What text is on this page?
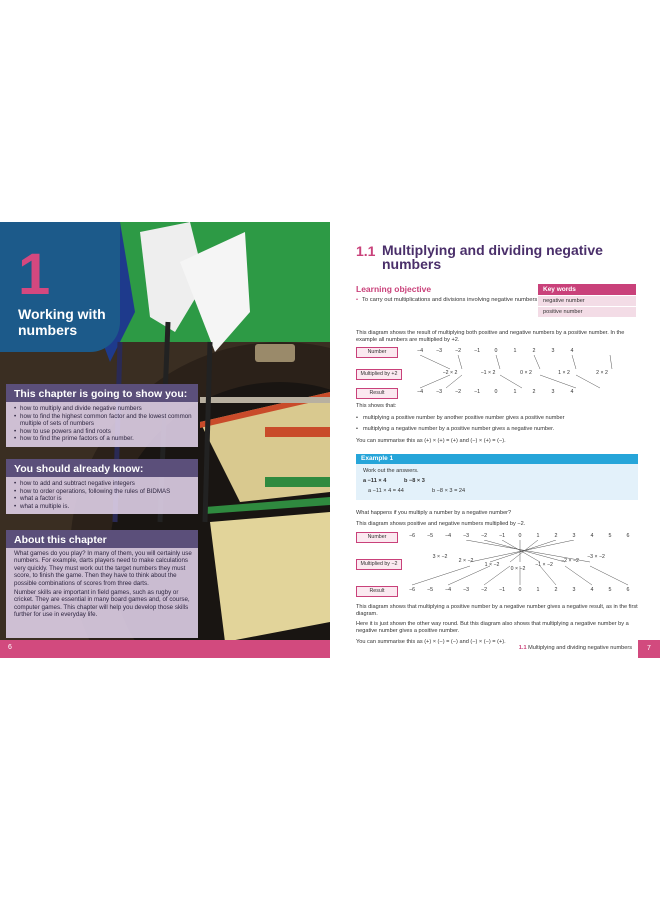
1
Working with numbers
This chapter is going to show you:
• how to multiply and divide negative numbers
• how to find the highest common factor and the lowest common multiple of sets of numbers
• how to use powers and find roots
• how to find the prime factors of a number.
You should already know:
• how to add and subtract negative integers
• how to order operations, following the rules of BIDMAS
• what a factor is
• what a multiple is.
About this chapter

What games do you play? In many of them, you will certainly use numbers. For example, darts players need to make calculations very quickly. They must work out the target numbers they must score, to finish the game. Then they have to think about the possible combinations of scores from three darts.

Number skills are important in field games, such as rugby or cricket. They are essential in many board games and, of course, computer games. This chapter will help you develop those skills further for use in everyday life.

6
1.1 Multiplying and dividing negative numbers
Learning objective
• To carry out multiplications and divisions involving negative numbers
Key words
negative number
positive number
This diagram shows the result of multiplying both positive and negative numbers by a positive number. In the example all numbers are multiplied by +2.
Number	−4 −3 −2 −1	0	1	2	3	4
Multiplied by +2	−2 × 2	−1 × 2	0 × 2	1 × 2	2 × 2
Result	−4 −3 −2 −1	0	1	2	3	4
This shows that:
• multiplying a positive number by another positive number gives a positive number
• multiplying a negative number by a positive number gives a negative number.
You can summarise this as (+) × (+) = (+) and (−) × (+) = (−).
Example 1
Work out the answers.
a −11 × 4	b −8 × 3
a −11 × 4 = 44	b −8 × 3 = 24
What happens if you multiply a number by a negative number?
This diagram shows positive and negative numbers multiplied by −2.
Number	−6 −5 −4 −3 −2 −1	0	1	2	3	4	5	6
Multiplied by −2
3 × −2
2 × −2
1 × −2
0 × −2
−1 × −2
−2 × −2
−3 × −2
Result	−6 −5 −4 −3 −2 −1	0	1	2	3	4	5	6
This diagram shows that multiplying a positive number by a negative number gives a negative result, as in the first diagram.
Here it is just shown the other way round. But this diagram also shows that multiplying a negative number by a negative number gives a positive number.
You can summarise this as (+) × (−) = (−) and (−) × (−) = (+).
1.1 Multiplying and dividing negative numbers	7
